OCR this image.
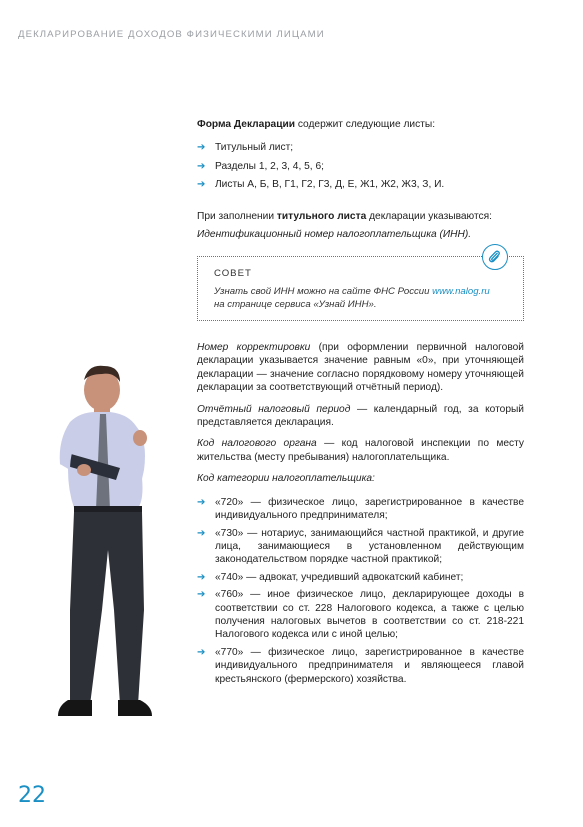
ДЕКЛАРИРОВАНИЕ ДОХОДОВ ФИЗИЧЕСКИМИ ЛИЦАМИ

Форма Декларации содержит следующие листы:

➔ Титульный лист;
➔ Разделы 1, 2, 3, 4, 5, 6;
➔ Листы А, Б, В, Г1, Г2, Г3, Д, Е, Ж1, Ж2, Ж3, З, И.

При заполнении титульного листа декларации указываются:

Идентификационный номер налогоплательщика (ИНН).

СОВЕТ
Узнать свой ИНН можно на сайте ФНС России www.nalog.ru
на странице сервиса «Узнай ИНН».

Номер корректировки (при оформлении первичной налоговой декларации указывается значение равным «0», при уточняющей декларации — значение согласно порядковому номеру уточняющей декларации за соответствующий отчётный период).

Отчётный налоговый период — календарный год, за который представляется декларация.

Код налогового органа — код налоговой инспекции по месту жительства (месту пребывания) налогоплательщика.

Код категории налогоплательщика:

➔ «720» — физическое лицо, зарегистрированное в качестве индивидуального предпринимателя;
➔ «730» — нотариус, занимающийся частной практикой, и другие лица, занимающиеся в установленном действующим законодательством порядке частной практикой;
➔ «740» — адвокат, учредивший адвокатский кабинет;
➔ «760» — иное физическое лицо, декларирующее доходы в соответствии со ст. 228 Налогового кодекса, а также с целью получения налоговых вычетов в соответствии со ст. 218-221 Налогового кодекса или с иной целью;
➔ «770» — физическое лицо, зарегистрированное в качестве индивидуального предпринимателя и являющееся главой крестьянского (фермерского) хозяйства.
22
